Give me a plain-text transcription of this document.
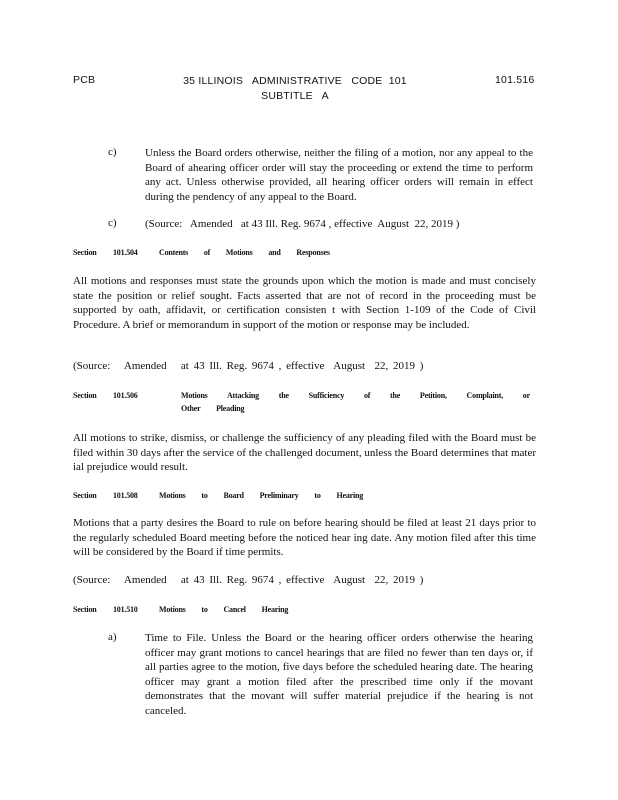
PCB	35 ILLINOIS   ADMINISTRATIVE   CODE  101
SUBTITLE   A
101.516
c)	Unless the Board orders otherwise, neither the filing of a motion, nor any appeal to the Board of ahearing officer order will stay the proceeding or extend the time to perform any act. Unless otherwise provided, all hearing officer orders will remain in effect during the pendency of any appeal to the Board.
c)	(Source:   Amended   at 43 Ill. Reg. 9674 , effective  August  22, 2019 )
Section 101.504	Contents of Motions and Responses
All motions and responses must state the grounds upon which the motion is made and must concisely state the position or relief sought. Facts asserted that are not of record in the proceeding must be supported by oath, affidavit, or certification consisten t with Section 1-109 of the Code of Civil Procedure. A brief or memorandum in support of the motion or response may be included.
(Source:   Amended   at 43 Ill. Reg. 9674 , effective  August  22, 2019 )
Section 101.506	Motions Attacking the Sufficiency of the Petition, Complaint, or
Other Pleading
All motions to strike, dismiss, or challenge the sufficiency of any pleading filed with the Board must be filed within 30 days after the service of the challenged document, unless the Board determines that mater ial prejudice would result.
Section 101.508	Motions to Board Preliminary to Hearing
Motions that a party desires the Board to rule on before hearing should be filed at least 21 days prior to the regularly scheduled Board meeting before the noticed hear ing date. Any motion filed after this time will be considered by the Board if time permits.
(Source:   Amended   at 43 Ill. Reg. 9674 , effective  August  22, 2019 )
Section 101.510	Motions to Cancel Hearing
a)	Time to File. Unless the Board or the hearing officer orders otherwise the hearing officer may grant motions to cancel hearings that are filed no fewer than ten days or, if all parties agree to the motion, five days before the scheduled hearing date. The hearing officer may grant a motion filed after the prescribed time only if the movant demonstrates that the movant will suffer material prejudice if the hearing is not canceled.
